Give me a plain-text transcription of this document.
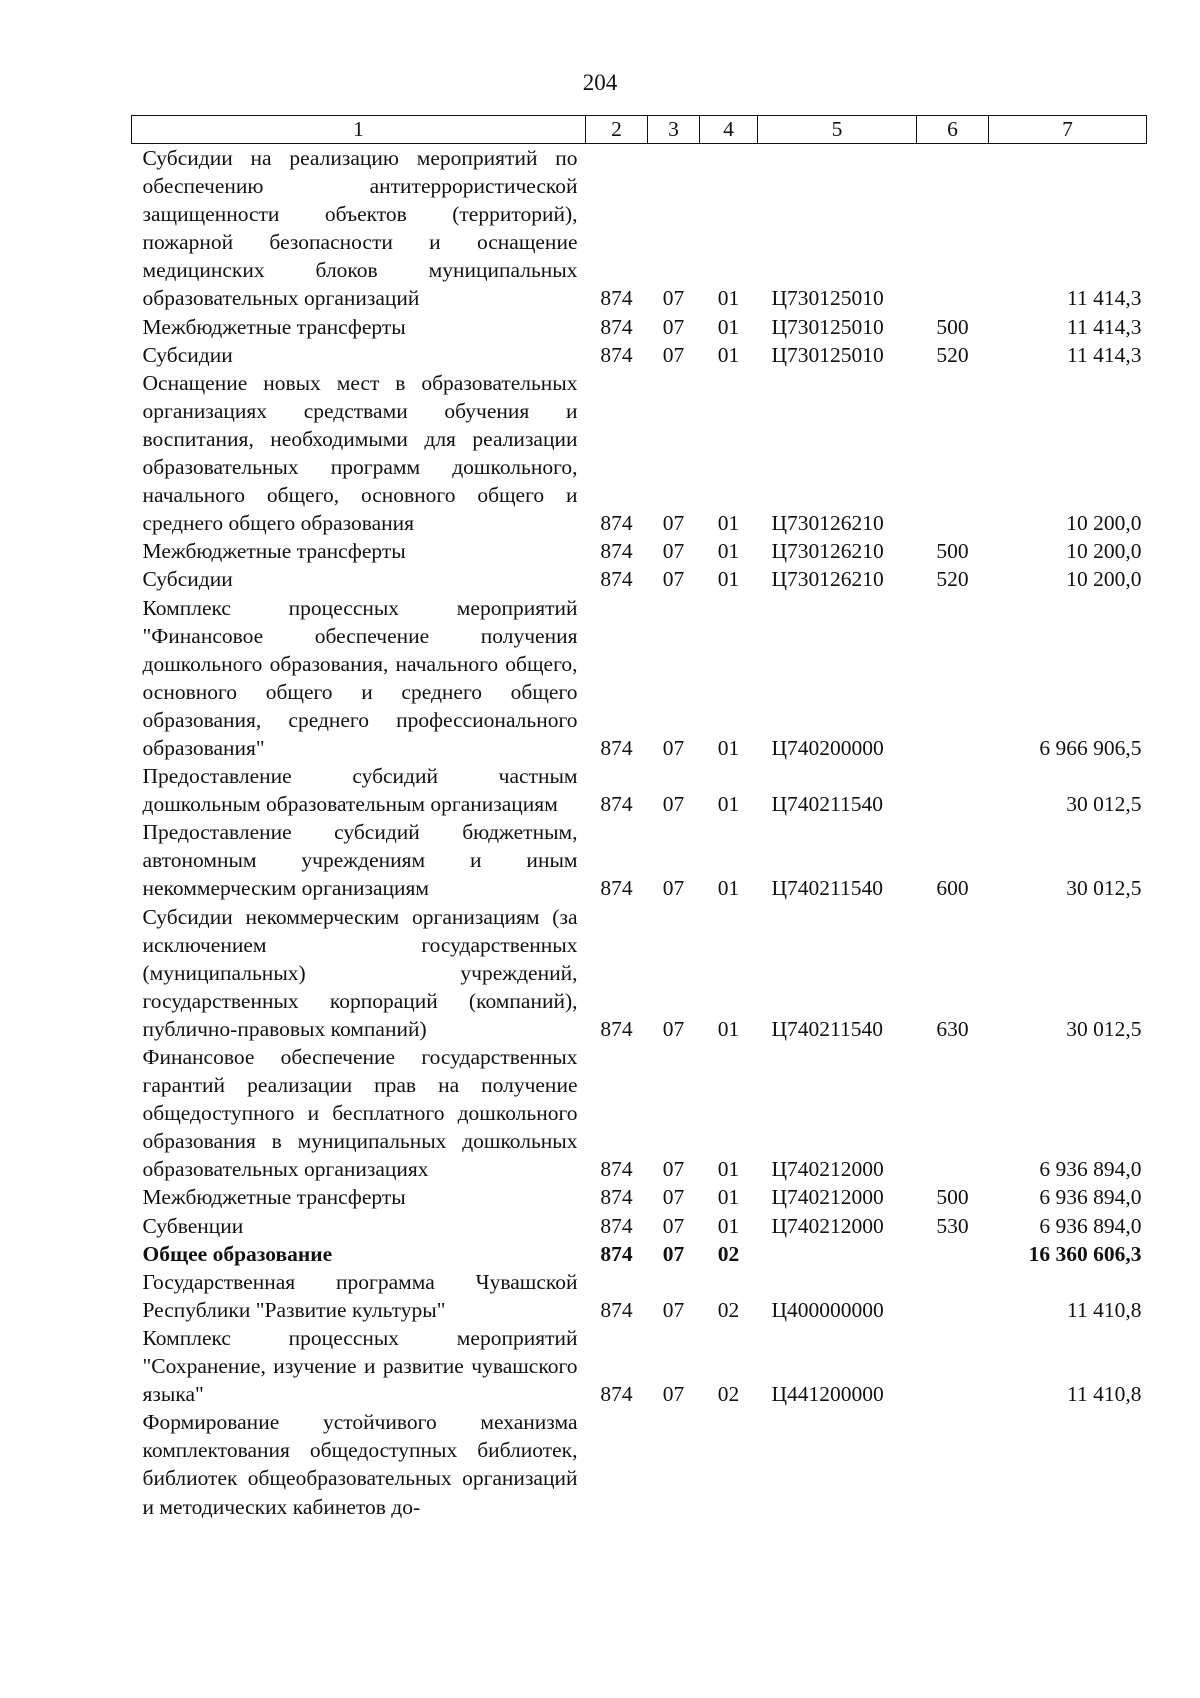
204
1	2	3	4	5	6	7
Субсидии на реализацию мероприятий по обеспечению антитеррористической защищенности объектов (территорий), пожарной безопасности и оснащение медицинских блоков муниципальных образовательных организаций	874	07	01	Ц730125010		11 414,3
Межбюджетные трансферты	874	07	01	Ц730125010	500	11 414,3
Субсидии	874	07	01	Ц730125010	520	11 414,3
Оснащение новых мест в образовательных организациях средствами обучения и воспитания, необходимыми для реализации образовательных программ дошкольного, начального общего, основного общего и среднего общего образования	874	07	01	Ц730126210		10 200,0
Межбюджетные трансферты	874	07	01	Ц730126210	500	10 200,0
Субсидии	874	07	01	Ц730126210	520	10 200,0
Комплекс процессных мероприятий "Финансовое обеспечение получения дошкольного образования, начального общего, основного общего и среднего общего образования, среднего профессионального образования"	874	07	01	Ц740200000		6 966 906,5
Предоставление субсидий частным дошкольным образовательным организациям	874	07	01	Ц740211540		30 012,5
Предоставление субсидий бюджетным, автономным учреждениям и иным некоммерческим организациям	874	07	01	Ц740211540	600	30 012,5
Субсидии некоммерческим организациям (за исключением государственных (муниципальных) учреждений, государственных корпораций (компаний), публично-правовых компаний)	874	07	01	Ц740211540	630	30 012,5
Финансовое обеспечение государственных гарантий реализации прав на получение общедоступного и бесплатного дошкольного образования в муниципальных дошкольных образовательных организациях	874	07	01	Ц740212000		6 936 894,0
Межбюджетные трансферты	874	07	01	Ц740212000	500	6 936 894,0
Субвенции	874	07	01	Ц740212000	530	6 936 894,0
Общее образование	874	07	02			16 360 606,3
Государственная программа Чувашской Республики "Развитие культуры"	874	07	02	Ц400000000		11 410,8
Комплекс процессных мероприятий "Сохранение, изучение и развитие чувашского языка"	874	07	02	Ц441200000		11 410,8
Формирование устойчивого механизма комплектования общедоступных библиотек, библиотек общеобразовательных организаций и методических кабинетов до-						
